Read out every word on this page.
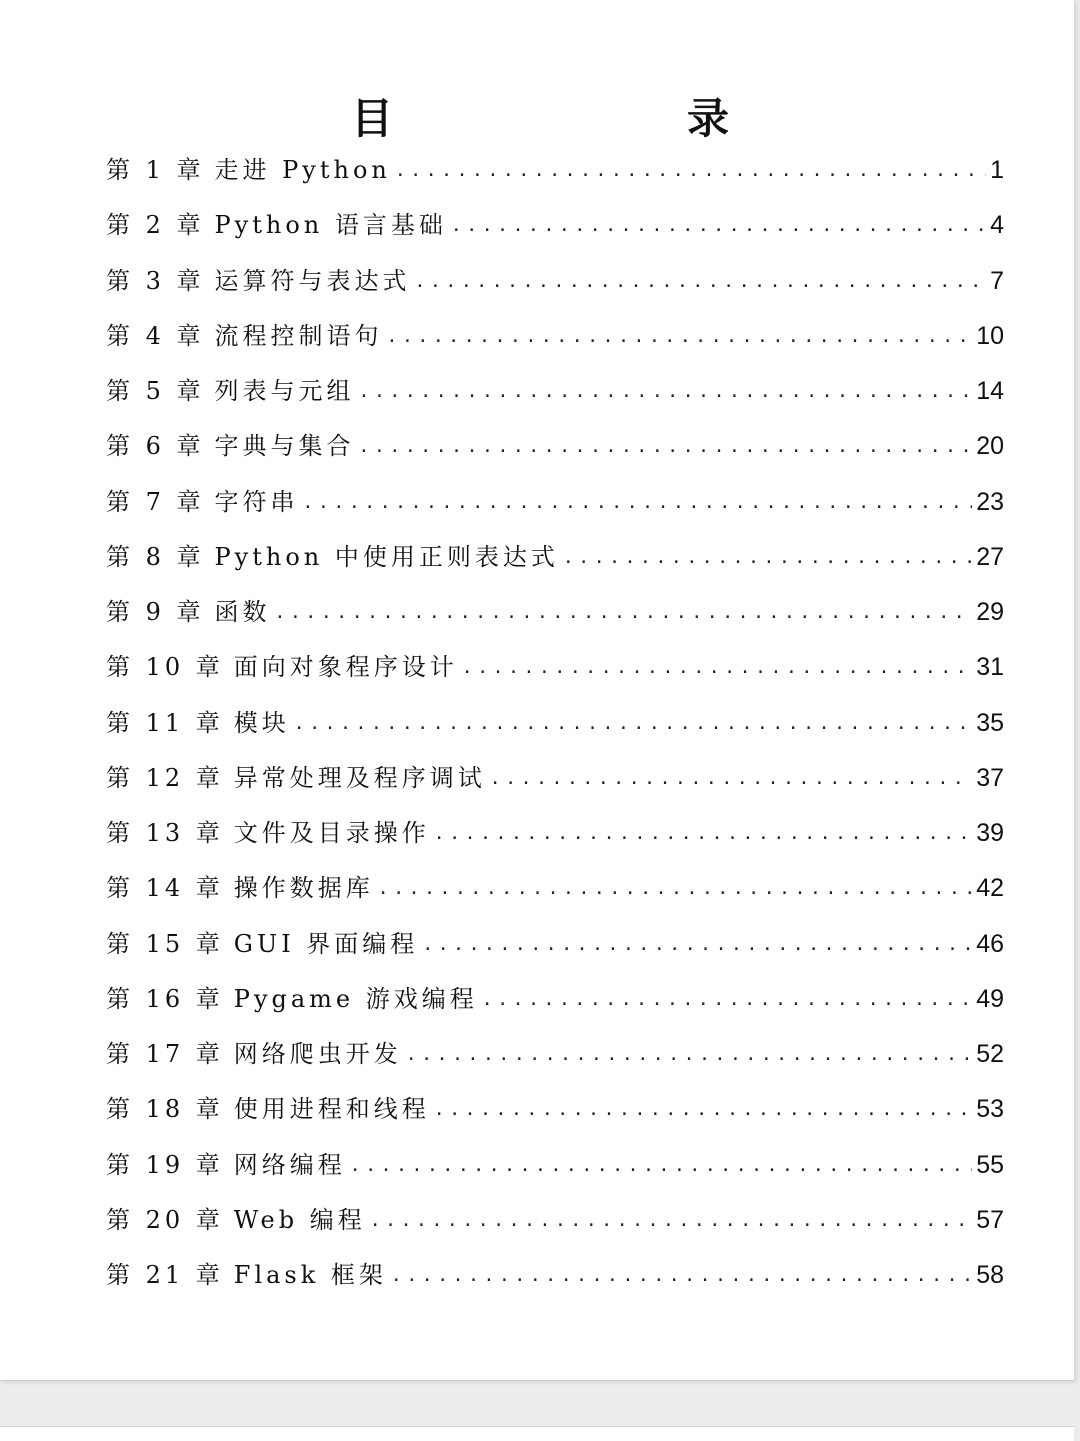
目　　录
第 1 章 走进 Python .....	1
第 2 章 Python 语言基础 .....	4
第 3 章 运算符与表达式 .....	7
第 4 章 流程控制语句 .....	10
第 5 章 列表与元组 .....	14
第 6 章 字典与集合 .....	20
第 7 章 字符串 .....	23
第 8 章 Python 中使用正则表达式 .....	27
第 9 章 函数 .....	29
第 10 章 面向对象程序设计 .....	31
第 11 章 模块 .....	35
第 12 章 异常处理及程序调试 .....	37
第 13 章 文件及目录操作 .....	39
第 14 章 操作数据库 .....	42
第 15 章 GUI 界面编程 .....	46
第 16 章 Pygame 游戏编程 .....	49
第 17 章 网络爬虫开发 .....	52
第 18 章 使用进程和线程 .....	53
第 19 章 网络编程 .....	55
第 20 章 Web 编程 .....	57
第 21 章 Flask 框架 .....	58
